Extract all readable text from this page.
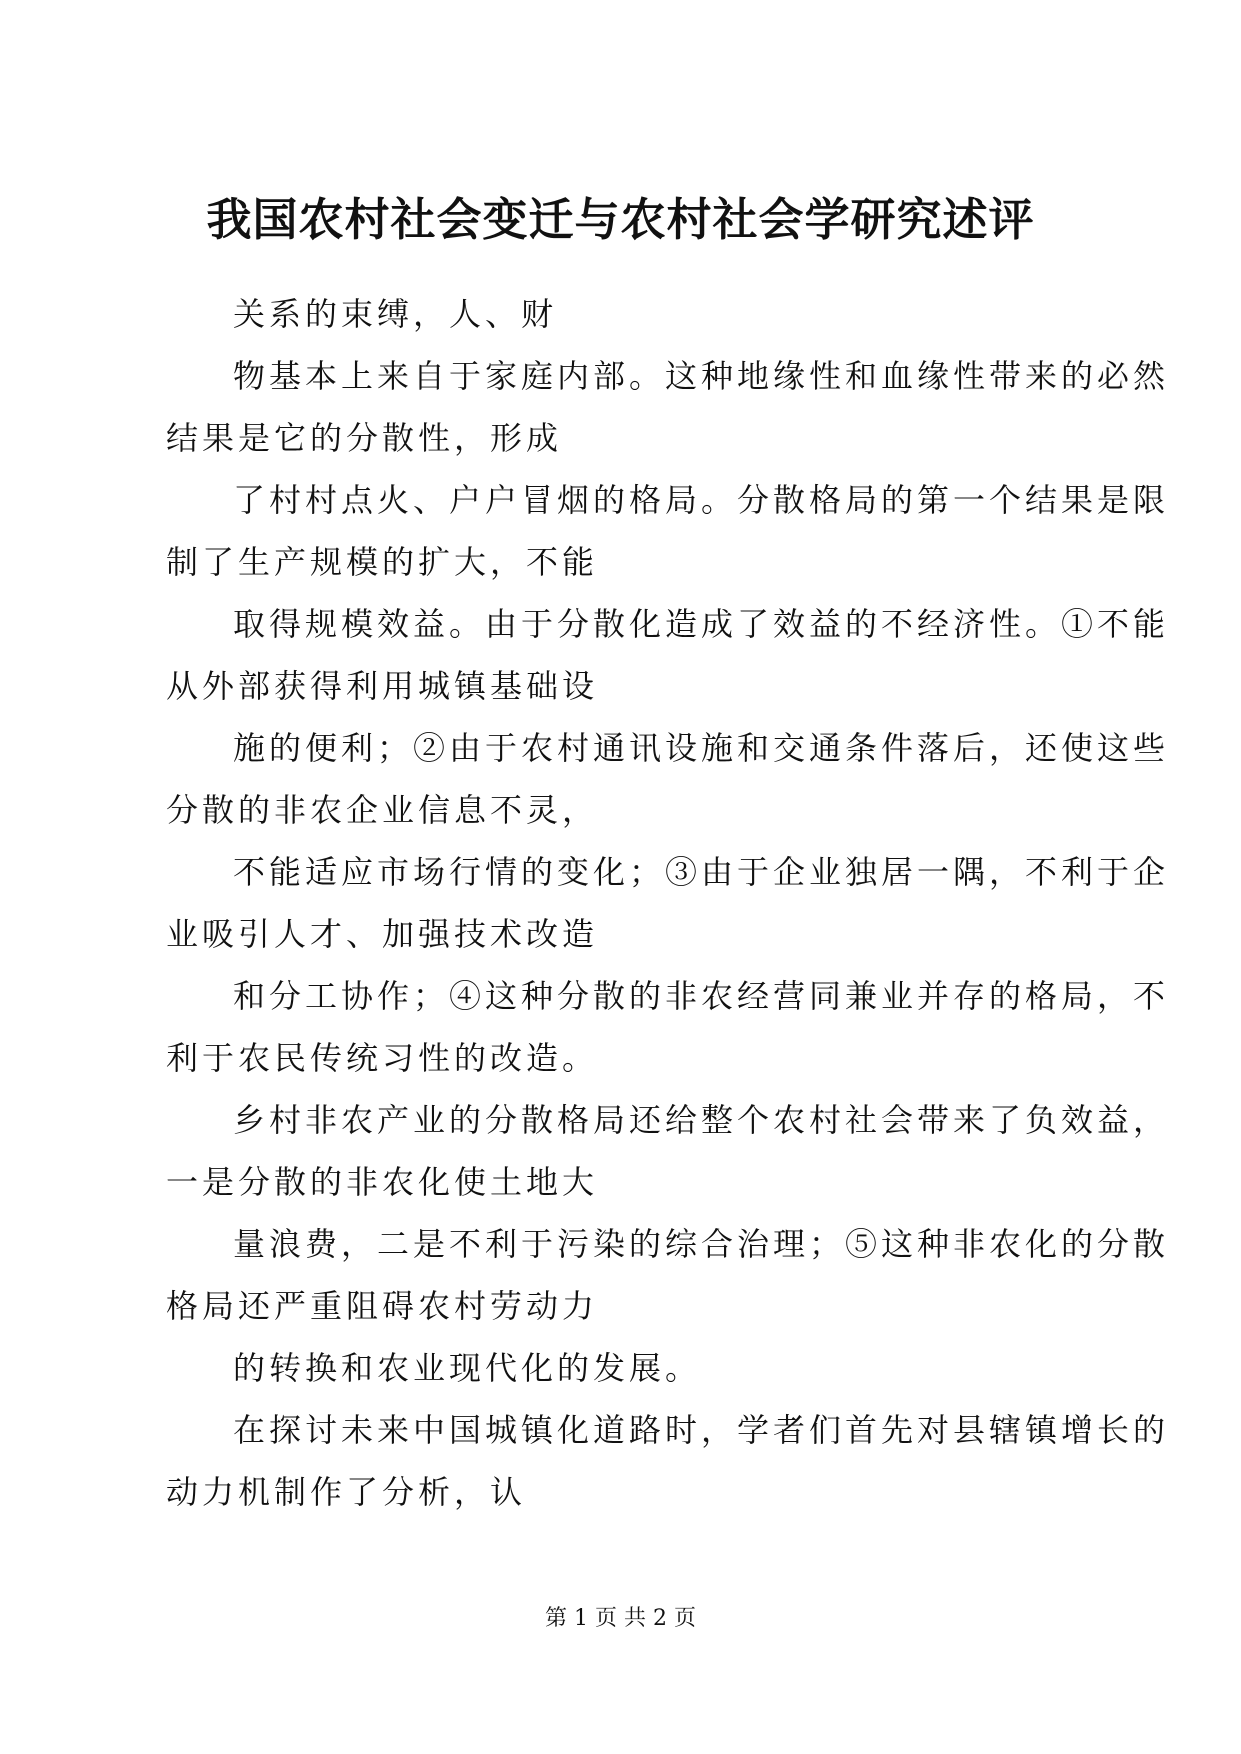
我国农村社会变迁与农村社会学研究述评

关系的束缚，人、财

物基本上来自于家庭内部。这种地缘性和血缘性带来的必然
结果是它的分散性，形成

了村村点火、户户冒烟的格局。分散格局的第一个结果是限
制了生产规模的扩大，不能

取得规模效益。由于分散化造成了效益的不经济性。①不能
从外部获得利用城镇基础设

施的便利；②由于农村通讯设施和交通条件落后，还使这些
分散的非农企业信息不灵，

不能适应市场行情的变化；③由于企业独居一隅，不利于企
业吸引人才、加强技术改造

和分工协作；④这种分散的非农经营同兼业并存的格局，不
利于农民传统习性的改造。

乡村非农产业的分散格局还给整个农村社会带来了负效益，
一是分散的非农化使土地大

量浪费，二是不利于污染的综合治理；⑤这种非农化的分散
格局还严重阻碍农村劳动力

的转换和农业现代化的发展。

在探讨未来中国城镇化道路时，学者们首先对县辖镇增长的
动力机制作了分析，认

第 1 页 共 2 页
